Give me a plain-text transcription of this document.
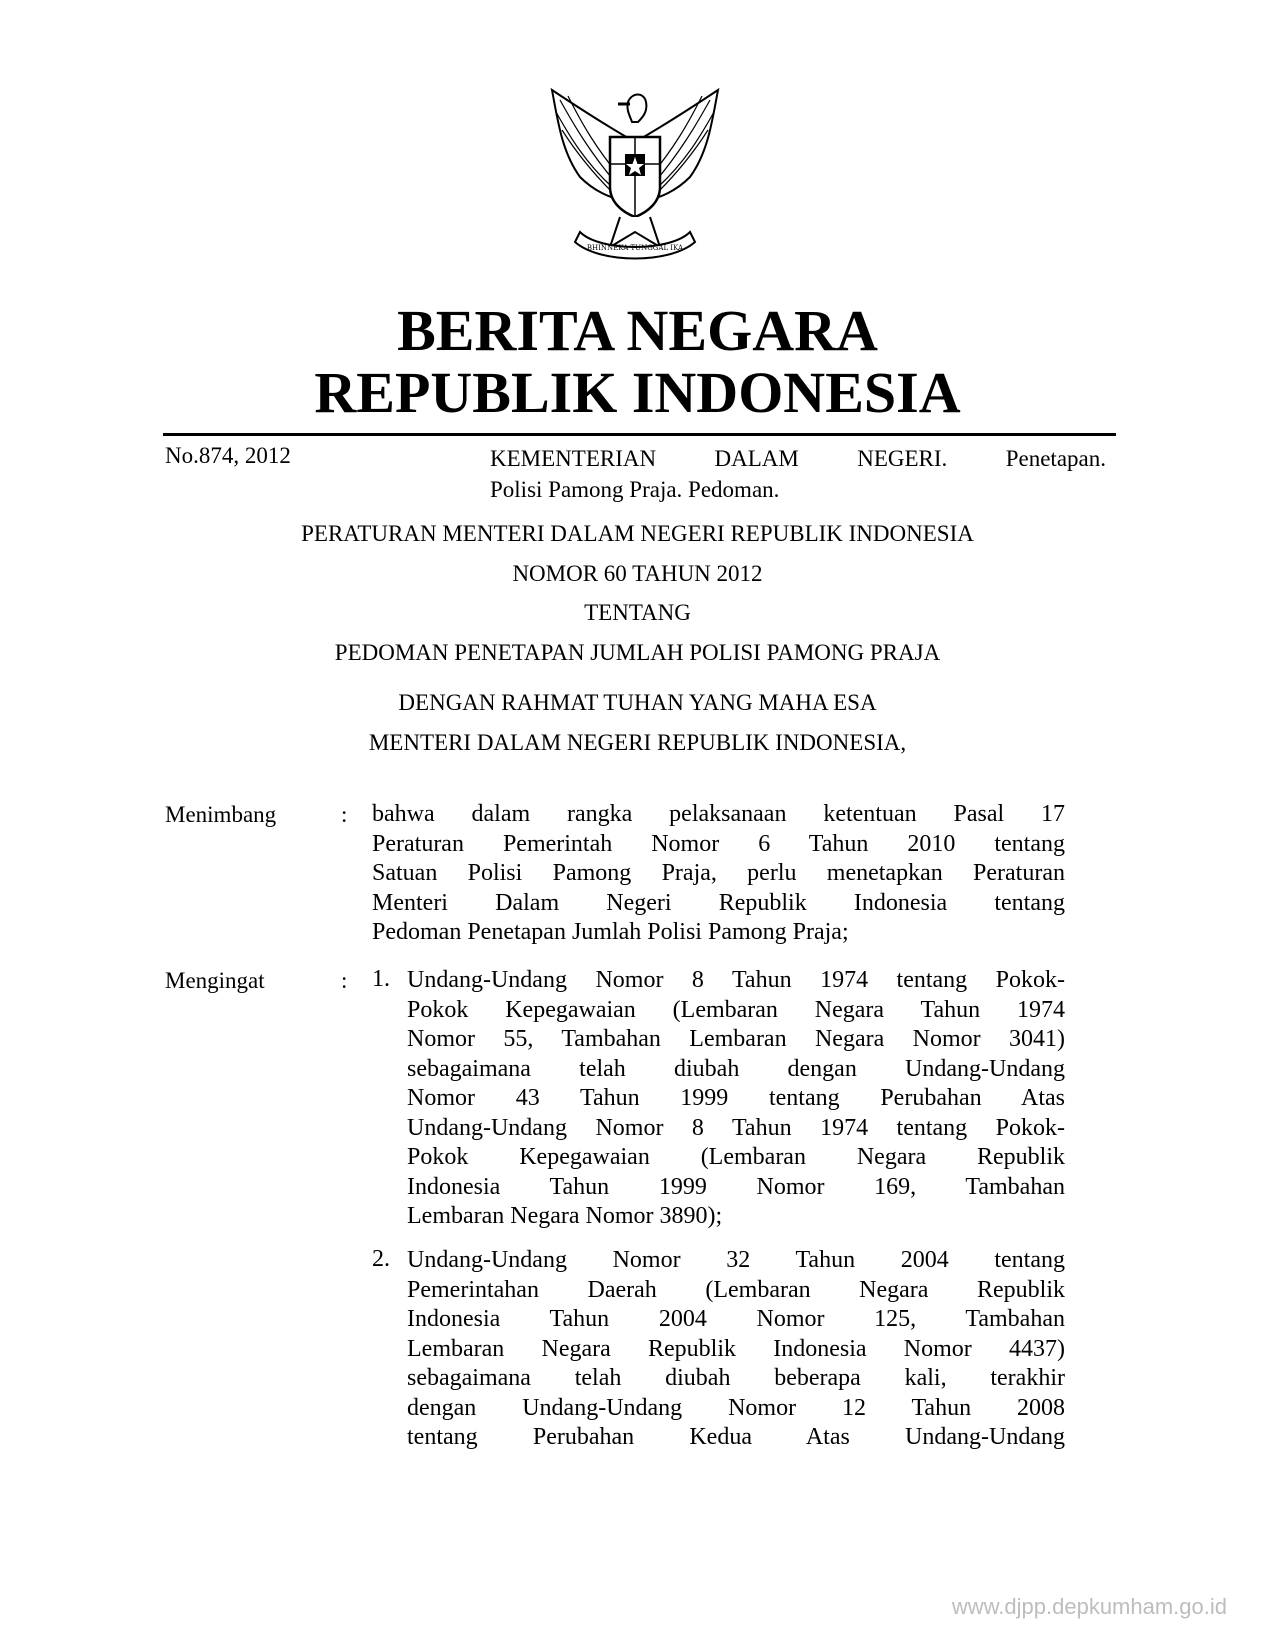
BHINNEKA TUNGGAL IKA
BERITA NEGARA
REPUBLIK INDONESIA
No.874, 2012	KEMENTERIAN DALAM NEGERI. Penetapan.
Polisi Pamong Praja. Pedoman.
PERATURAN MENTERI DALAM NEGERI REPUBLIK INDONESIA
NOMOR 60 TAHUN 2012
TENTANG
PEDOMAN PENETAPAN JUMLAH POLISI PAMONG PRAJA
DENGAN RAHMAT TUHAN YANG MAHA ESA
MENTERI DALAM NEGERI REPUBLIK INDONESIA,
Menimbang	: bahwa dalam rangka pelaksanaan ketentuan Pasal 17
Peraturan Pemerintah Nomor 6 Tahun 2010 tentang
Satuan Polisi Pamong Praja, perlu menetapkan Peraturan
Menteri Dalam Negeri Republik Indonesia tentang
Pedoman Penetapan Jumlah Polisi Pamong Praja;
Mengingat	: 1. Undang-Undang Nomor 8 Tahun 1974 tentang Pokok-
Pokok Kepegawaian (Lembaran Negara Tahun 1974
Nomor 55, Tambahan Lembaran Negara Nomor 3041)
sebagaimana telah diubah dengan Undang-Undang
Nomor 43 Tahun 1999 tentang Perubahan Atas
Undang-Undang Nomor 8 Tahun 1974 tentang Pokok-
Pokok Kepegawaian (Lembaran Negara Republik
Indonesia Tahun 1999 Nomor 169, Tambahan
Lembaran Negara Nomor 3890);
2. Undang-Undang Nomor 32 Tahun 2004 tentang
Pemerintahan Daerah (Lembaran Negara Republik
Indonesia Tahun 2004 Nomor 125, Tambahan
Lembaran Negara Republik Indonesia Nomor 4437)
sebagaimana telah diubah beberapa kali, terakhir
dengan Undang-Undang Nomor 12 Tahun 2008
tentang Perubahan Kedua Atas Undang-Undang
www.djpp.depkumham.go.id
